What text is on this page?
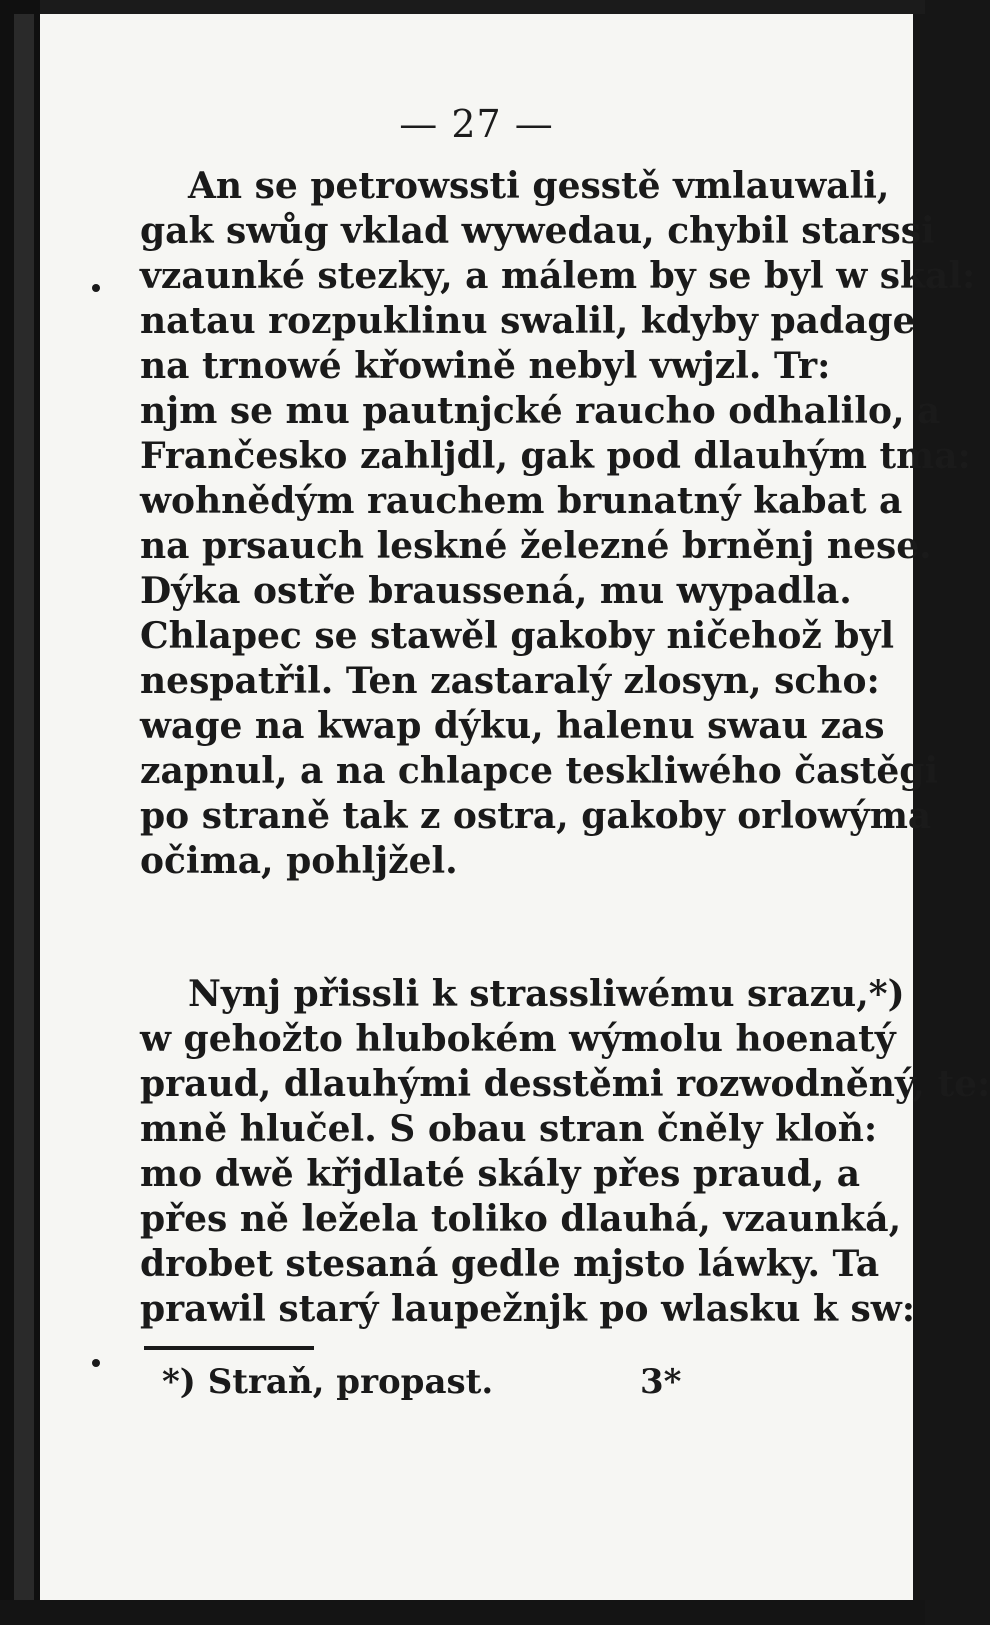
— 27 —
An se petrowssti gesstě vmlauwali,
gak swůg vklad wywedau, chybil starssi
vzaunké stezky, a málem by se byl w skal:
natau rozpuklinu swalil, kdyby padage
na trnowé křowině nebyl vwjzl. Tr:
njm se mu pautnjcké raucho odhalilo, a
Frančesko zahljdl, gak pod dlauhým tma:
wohnědým rauchem brunatný kabat a
na prsauch leskné železné brněnj nese.
Dýka ostře braussená, mu wypadla.
Chlapec se stawěl gakoby ničehož byl
nespatřil. Ten zastaralý zlosyn, scho:
wage na kwap dýku, halenu swau zas
zapnul, a na chlapce tesklіwého častěgi
po straně tak z ostra, gakoby orlowýma
očima, pohljžel.
Nynj přissli k strasslіwému srazu,*)
w gehožto hlubokém wýmolu hoenatý
praud, dlauhými desstěmi rozwodněný, te:
mně hlučel. S obau stran čněly kloň:
mo dwě křjdlaté skály přes praud, a
přes ně ležela toliko dlauhá, vzaunká,
drobet stesaná gedle mjsto láwky. Ta
prawil starý laupežnjk po wlasku k sw:
*) Straň, propast.	3*
